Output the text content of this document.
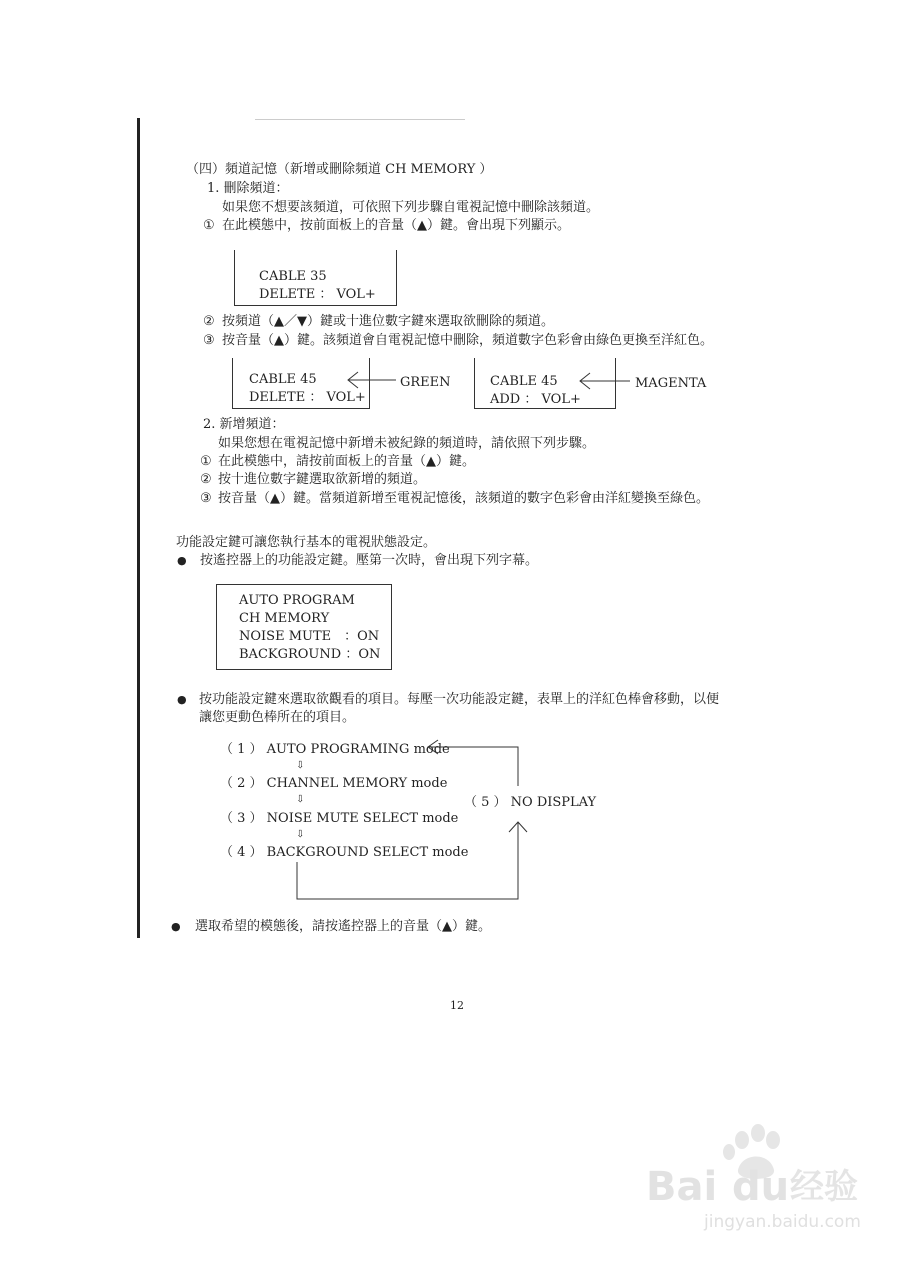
（四）頻道記憶（新增或刪除頻道 CH MEMORY ）
1. 刪除頻道：
如果您不想要該頻道，可依照下列步驟自電視記憶中刪除該頻道。
① 在此模態中，按前面板上的音量（▲）鍵。會出現下列顯示。
CABLE 35
DELETE ： VOL+
② 按頻道（▲／▼）鍵或十進位數字鍵來選取欲刪除的頻道。
③ 按音量（▲）鍵。該頻道會自電視記憶中刪除，頻道數字色彩會由綠色更換至洋紅色。
CABLE 45
DELETE ： VOL+
GREEN	CABLE 45
ADD ： VOL+
MAGENTA
2. 新增頻道：
如果您想在電視記憶中新增未被紀錄的頻道時，請依照下列步驟。
① 在此模態中，請按前面板上的音量（▲）鍵。
② 按十進位數字鍵選取欲新增的頻道。
③ 按音量（▲）鍵。當頻道新增至電視記憶後，該頻道的數字色彩會由洋紅變換至綠色。
功能設定鍵可讓您執行基本的電視狀態設定。
● 按遙控器上的功能設定鍵。壓第一次時，會出現下列字幕。
AUTO PROGRAM
CH MEMORY
NOISE MUTE　：ON
BACKGROUND ：ON
● 按功能設定鍵來選取欲觀看的項目。每壓一次功能設定鍵，表單上的洋紅色棒會移動，以便
讓您更動色棒所在的項目。
（ 1 ） AUTO PROGRAMING mode
⇩
（ 2 ） CHANNEL MEMORY mode
⇩
（ 3 ） NOISE MUTE SELECT mode
⇩
（ 4 ） BACKGROUND SELECT mode
（ 5 ） NO DISPLAY
● 選取希望的模態後，請按遙控器上的音量（▲）鍵。
12
Bai du 经验
jingyan.baidu.com
